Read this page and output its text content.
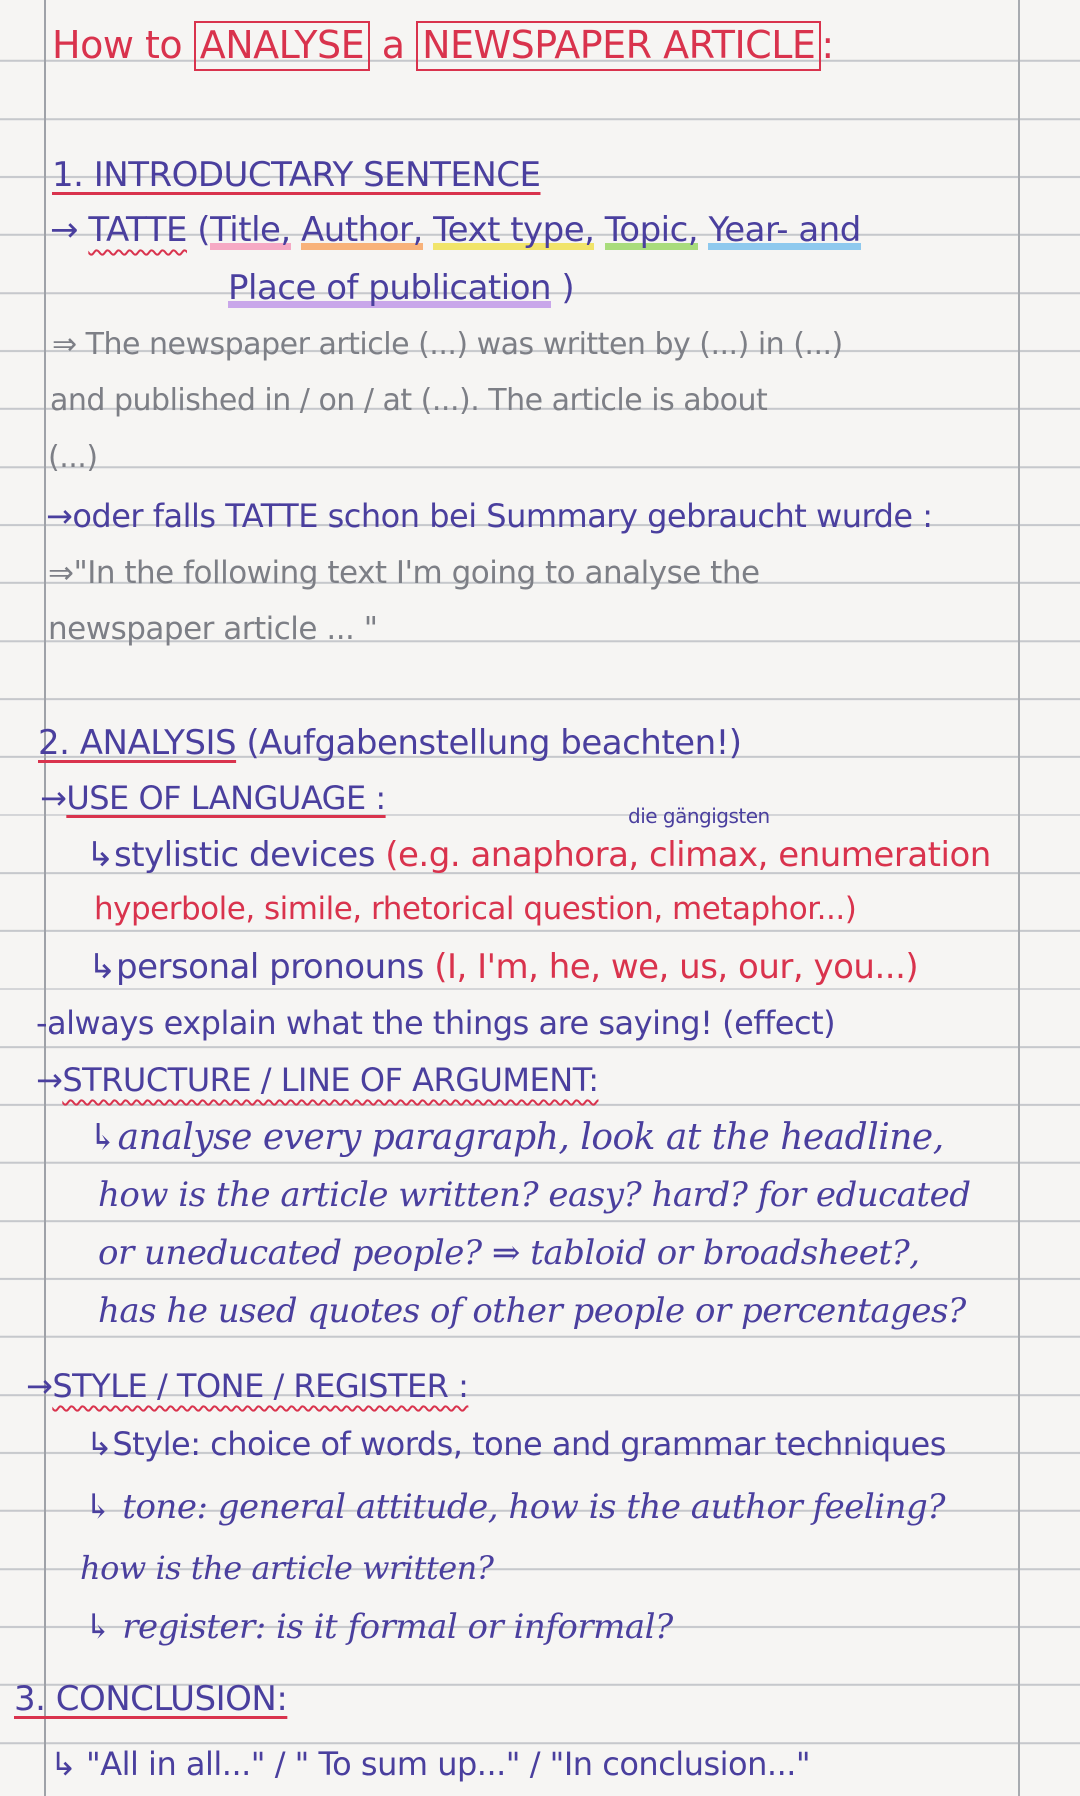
How to ANALYSE a NEWSPAPER ARTICLE :
1. INTRODUCTARY SENTENCE
→ TATTE (Title, Author, Text type, Topic, Year- and
Place of publication )
⇒ The newspaper article (...) was written by (...) in (...)
and published in / on / at (...). The article is about
(...)
→oder falls TATTE schon bei Summary gebraucht wurde :
⇒"In the following text I'm going to analyse the
newspaper article ... "
2. ANALYSIS (Aufgabenstellung beachten!)
→USE OF LANGUAGE :	die gängigsten
↳stylistic devices (e.g. anaphora, climax, enumeration
hyperbole, simile, rhetorical question, metaphor...)
↳personal pronouns (I, I'm, he, we, us, our, you...)
-always explain what the things are saying! (effect)
→STRUCTURE / LINE OF ARGUMENT:
↳analyse every paragraph, look at the headline,
how is the article written? easy? hard? for educated
or uneducated people? ⇒ tabloid or broadsheet?,
has he used quotes of other people or percentages?
→STYLE / TONE / REGISTER :
↳Style: choice of words, tone and grammar techniques
↳ tone: general attitude, how is the author feeling?
how is the article written?
↳ register: is it formal or informal?
3. CONCLUSION:
↳ "All in all..." / " To sum up..." / "In conclusion..."
